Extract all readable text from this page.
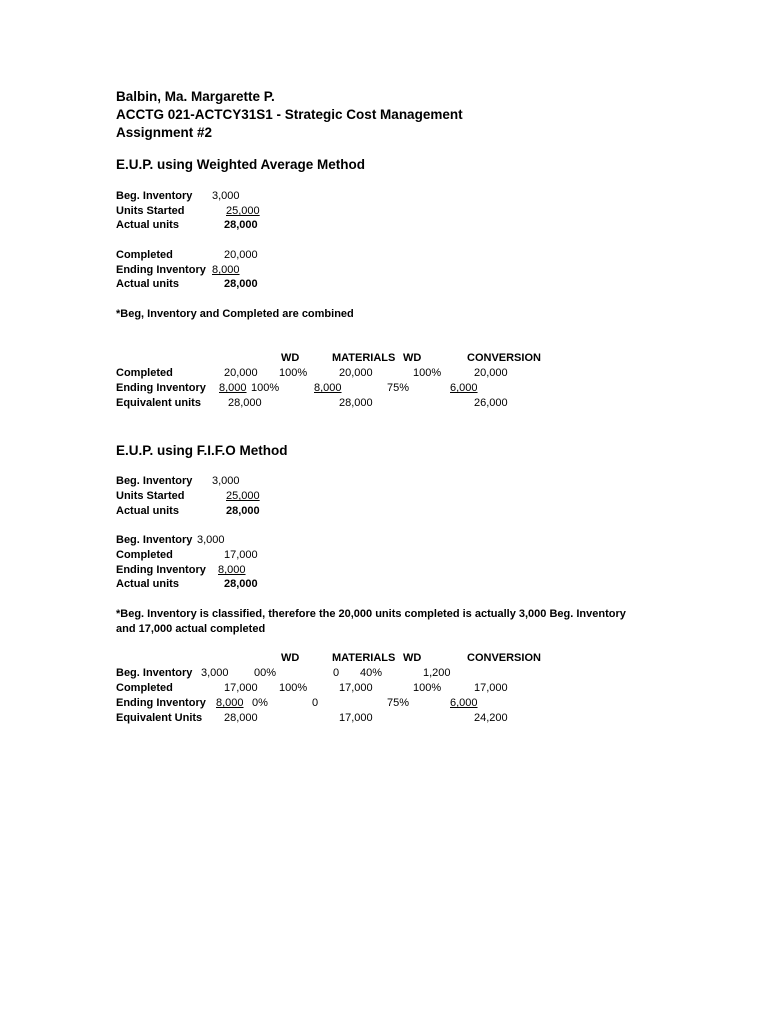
Balbin, Ma. Margarette P.
ACCTG 021-ACTCY31S1 - Strategic Cost Management
Assignment #2
E.U.P. using Weighted Average Method
Beg. Inventory 3,000
Units Started	25,000
Actual units	28,000
Completed	20,000
Ending Inventory 8,000
Actual units	28,000
*Beg, Inventory and Completed are combined
WD	MATERIALS WD	CONVERSION
Completed	20,000 100%	20,000	100%	20,000
Ending Inventory 8,000 100%	8,000	75%	6,000
Equivalent units 28,000	28,000	26,000
E.U.P. using F.I.F.O Method
Beg. Inventory 3,000
Units Started	25,000
Actual units	28,000
Beg. Inventory 3,000
Completed	17,000
Ending Inventory 8,000
Actual units	28,000
*Beg. Inventory is classified, therefore the 20,000 units completed is actually 3,000 Beg. Inventory
and 17,000 actual completed
WD	MATERIALS WD	CONVERSION
Beg. Inventory 3,000 00%	0 40%	1,200
Completed	17,000 100%	17,000	100%	17,000
Ending Inventory 8,000 0%	0	75%	6,000
Equivalent Units 28,000	17,000	24,200
